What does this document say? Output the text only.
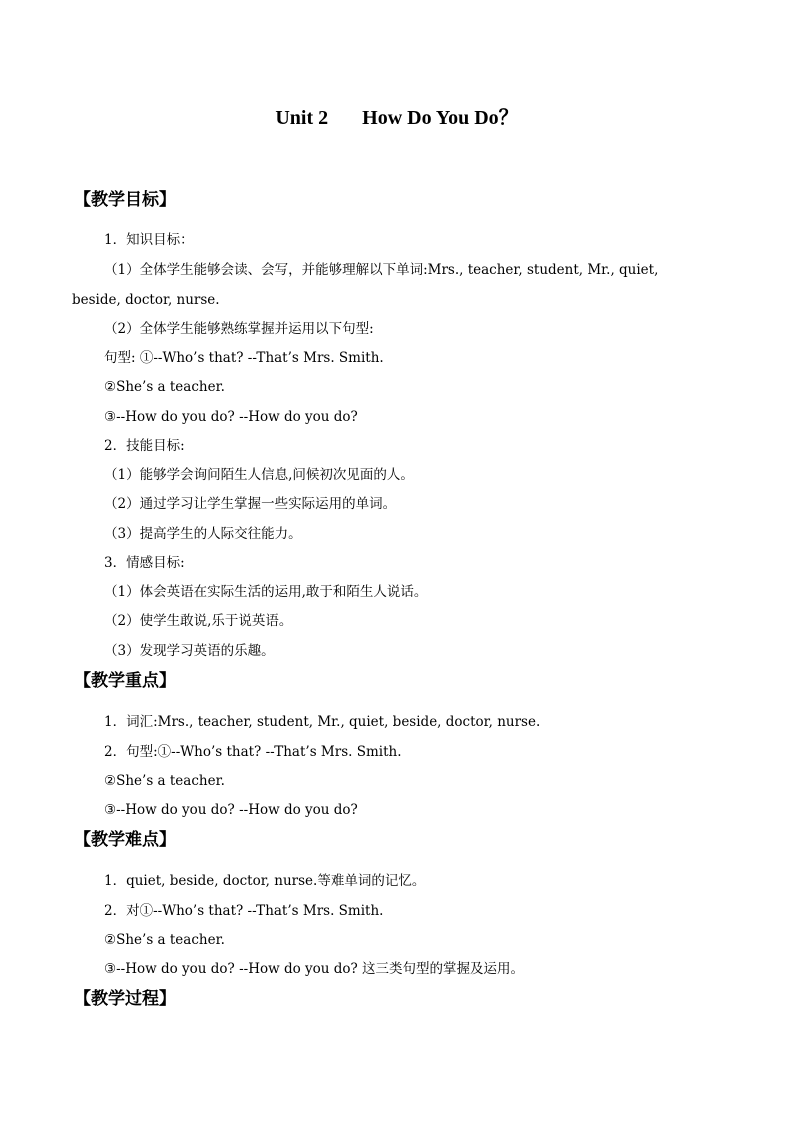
Unit 2 How Do You Do？
【教学目标】
1．知识目标：
（1）全体学生能够会读、会写，并能够理解以下单词:Mrs., teacher, student, Mr., quiet,
beside, doctor, nurse.
（2）全体学生能够熟练掌握并运用以下句型:
句型: ①--Who’s that? --That’s Mrs. Smith.
②She’s a teacher.
③--How do you do? --How do you do?
2．技能目标:
（1）能够学会询问陌生人信息,问候初次见面的人。
（2）通过学习让学生掌握一些实际运用的单词。
（3）提高学生的人际交往能力。
3．情感目标:
（1）体会英语在实际生活的运用,敢于和陌生人说话。
（2）使学生敢说,乐于说英语。
（3）发现学习英语的乐趣。
【教学重点】
1．词汇:Mrs., teacher, student, Mr., quiet, beside, doctor, nurse.
2．句型:①--Who’s that? --That’s Mrs. Smith.
②She’s a teacher.
③--How do you do? --How do you do?
【教学难点】
1．quiet, beside, doctor, nurse.等难单词的记忆。
2．对①--Who’s that? --That’s Mrs. Smith.
②She’s a teacher.
③--How do you do? --How do you do? 这三类句型的掌握及运用。
【教学过程】
